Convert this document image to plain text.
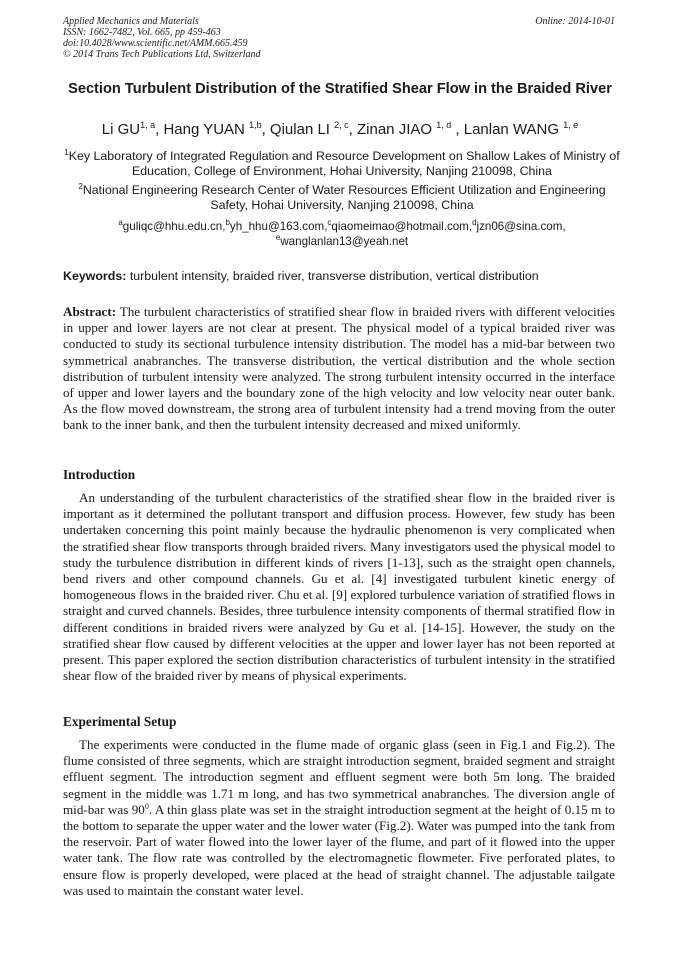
Applied Mechanics and Materials
ISSN: 1662-7482, Vol. 665, pp 459-463
doi:10.4028/www.scientific.net/AMM.665.459
© 2014 Trans Tech Publications Ltd, Switzerland
Online: 2014-10-01
Section Turbulent Distribution of the Stratified Shear Flow in the Braided River
Li GU$^{1, a}$, Hang YUAN $^{1,b}$, Qiulan LI $^{2, c}$, Zinan JIAO $^{1, d}$ , Lanlan WANG $^{1, e}$
$^1$Key Laboratory of Integrated Regulation and Resource Development on Shallow Lakes of Ministry of Education, College of Environment, Hohai University, Nanjing 210098, China
$^2$National Engineering Research Center of Water Resources Efficient Utilization and Engineering Safety, Hohai University, Nanjing 210098, China
$^a$guliqc@hhu.edu.cn,$^b$yh_hhu@163.com,$^c$qiaomeimao@hotmail.com,$^d$jzn06@sina.com,
$^e$wanglanlan13@yeah.net
Keywords: turbulent intensity, braided river, transverse distribution, vertical distribution
Abstract: The turbulent characteristics of stratified shear flow in braided rivers with different velocities in upper and lower layers are not clear at present. The physical model of a typical braided river was conducted to study its sectional turbulence intensity distribution. The model has a mid-bar between two symmetrical anabranches. The transverse distribution, the vertical distribution and the whole section distribution of turbulent intensity were analyzed. The strong turbulent intensity occurred in the interface of upper and lower layers and the boundary zone of the high velocity and low velocity near outer bank. As the flow moved downstream, the strong area of turbulent intensity had a trend moving from the outer bank to the inner bank, and then the turbulent intensity decreased and mixed uniformly.
Introduction
An understanding of the turbulent characteristics of the stratified shear flow in the braided river is important as it determined the pollutant transport and diffusion process. However, few study has been undertaken concerning this point mainly because the hydraulic phenomenon is very complicated when the stratified shear flow transports through braided rivers. Many investigators used the physical model to study the turbulence distribution in different kinds of rivers [1-13], such as the straight open channels, bend rivers and other compound channels. Gu et al. [4] investigated turbulent kinetic energy of homogeneous flows in the braided river. Chu et al. [9] explored turbulence variation of stratified flows in straight and curved channels. Besides, three turbulence intensity components of thermal stratified flow in different conditions in braided rivers were analyzed by Gu et al. [14-15]. However, the study on the stratified shear flow caused by different velocities at the upper and lower layer has not been reported at present. This paper explored the section distribution characteristics of turbulent intensity in the stratified shear flow of the braided river by means of physical experiments.
Experimental Setup
The experiments were conducted in the flume made of organic glass (seen in Fig.1 and Fig.2). The flume consisted of three segments, which are straight introduction segment, braided segment and straight effluent segment. The introduction segment and effluent segment were both 5m long. The braided segment in the middle was 1.71 m long, and has two symmetrical anabranches. The diversion angle of mid-bar was $90^0$. A thin glass plate was set in the straight introduction segment at the height of 0.15 m to the bottom to separate the upper water and the lower water (Fig.2). Water was pumped into the tank from the reservoir. Part of water flowed into the lower layer of the flume, and part of it flowed into the upper water tank. The flow rate was controlled by the electromagnetic flowmeter. Five perforated plates, to ensure flow is properly developed, were placed at the head of straight channel. The adjustable tailgate was used to maintain the constant water level.
